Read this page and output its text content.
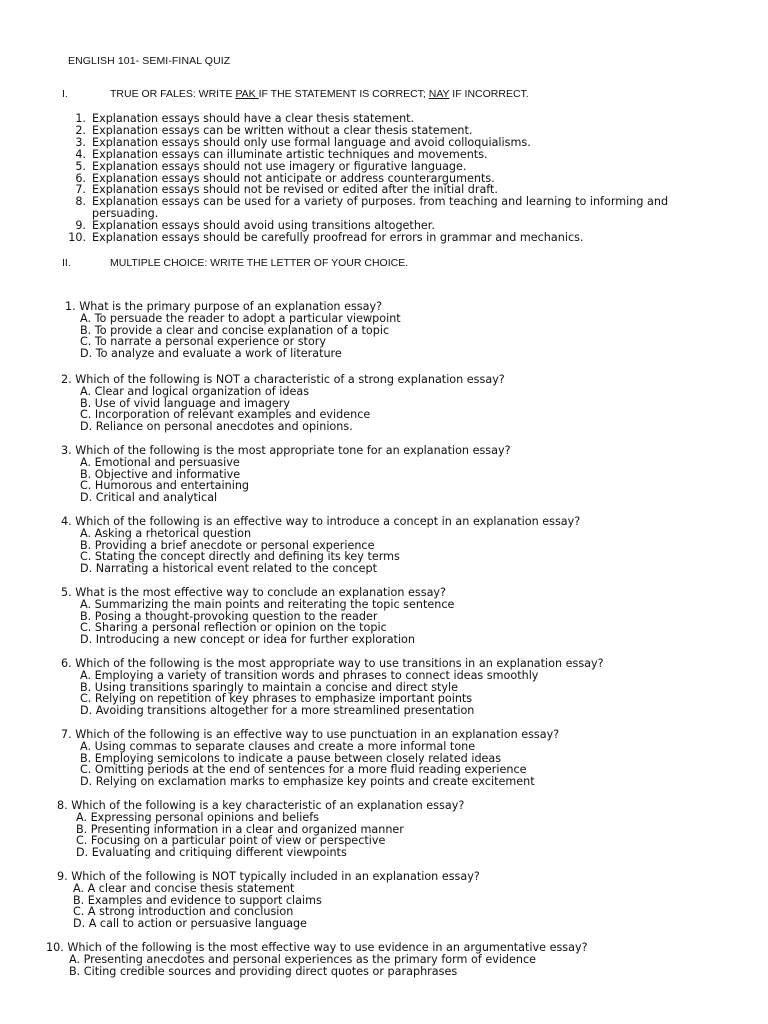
ENGLISH 101- SEMI-FINAL QUIZ
I.	TRUE OR FALES: WRITE PAK IF THE STATEMENT IS CORRECT; NAY IF INCORRECT.
1. Explanation essays should have a clear thesis statement.
2. Explanation essays can be written without a clear thesis statement.
3. Explanation essays should only use formal language and avoid colloquialisms.
4. Explanation essays can illuminate artistic techniques and movements.
5. Explanation essays should not use imagery or figurative language.
6. Explanation essays should not anticipate or address counterarguments.
7. Explanation essays should not be revised or edited after the initial draft.
8. Explanation essays can be used for a variety of purposes. from teaching and learning to informing and persuading.
9. Explanation essays should avoid using transitions altogether.
10. Explanation essays should be carefully proofread for errors in grammar and mechanics.
II.	MULTIPLE CHOICE: WRITE THE LETTER OF YOUR CHOICE.
1. What is the primary purpose of an explanation essay?
A. To persuade the reader to adopt a particular viewpoint
B. To provide a clear and concise explanation of a topic
C. To narrate a personal experience or story
D. To analyze and evaluate a work of literature
2. Which of the following is NOT a characteristic of a strong explanation essay?
A. Clear and logical organization of ideas
B. Use of vivid language and imagery
C. Incorporation of relevant examples and evidence
D. Reliance on personal anecdotes and opinions.
3. Which of the following is the most appropriate tone for an explanation essay?
A. Emotional and persuasive
B. Objective and informative
C. Humorous and entertaining
D. Critical and analytical
4. Which of the following is an effective way to introduce a concept in an explanation essay?
A. Asking a rhetorical question
B. Providing a brief anecdote or personal experience
C. Stating the concept directly and defining its key terms
D. Narrating a historical event related to the concept
5. What is the most effective way to conclude an explanation essay?
A. Summarizing the main points and reiterating the topic sentence
B. Posing a thought-provoking question to the reader
C. Sharing a personal reflection or opinion on the topic
D. Introducing a new concept or idea for further exploration
6. Which of the following is the most appropriate way to use transitions in an explanation essay?
A. Employing a variety of transition words and phrases to connect ideas smoothly
B. Using transitions sparingly to maintain a concise and direct style
C. Relying on repetition of key phrases to emphasize important points
D. Avoiding transitions altogether for a more streamlined presentation
7. Which of the following is an effective way to use punctuation in an explanation essay?
A. Using commas to separate clauses and create a more informal tone
B. Employing semicolons to indicate a pause between closely related ideas
C. Omitting periods at the end of sentences for a more fluid reading experience
D. Relying on exclamation marks to emphasize key points and create excitement
8. Which of the following is a key characteristic of an explanation essay?
A. Expressing personal opinions and beliefs
B. Presenting information in a clear and organized manner
C. Focusing on a particular point of view or perspective
D. Evaluating and critiquing different viewpoints
9. Which of the following is NOT typically included in an explanation essay?
A. A clear and concise thesis statement
B. Examples and evidence to support claims
C. A strong introduction and conclusion
D. A call to action or persuasive language
10. Which of the following is the most effective way to use evidence in an argumentative essay?
A. Presenting anecdotes and personal experiences as the primary form of evidence
B. Citing credible sources and providing direct quotes or paraphrases
